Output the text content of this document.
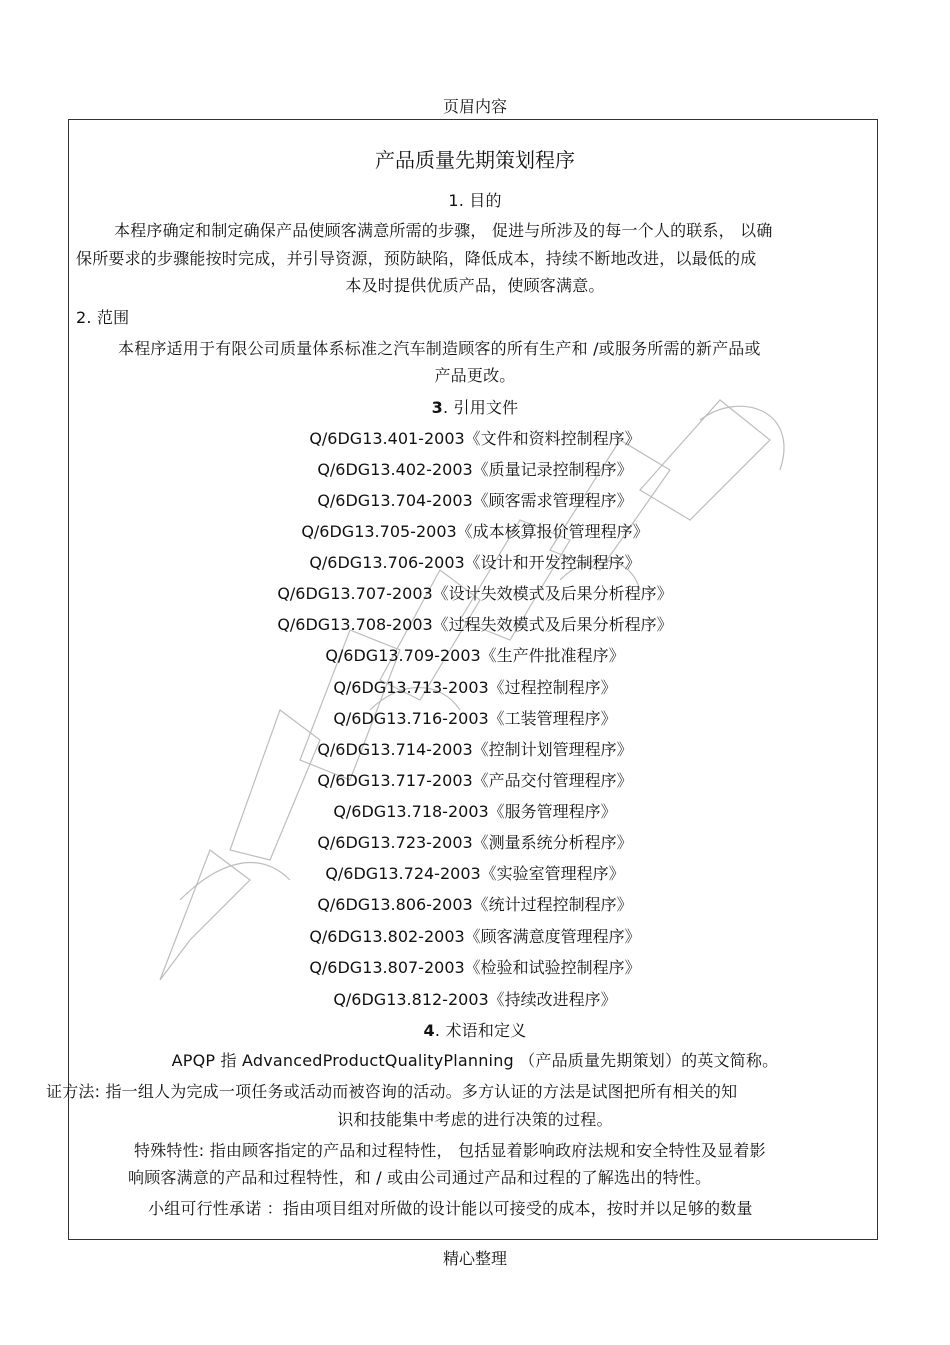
页眉内容
产品质量先期策划程序
1. 目的
本程序确定和制定确保产品使顾客满意所需的步骤， 促进与所涉及的每一个人的联系， 以确
保所要求的步骤能按时完成，并引导资源，预防缺陷，降低成本，持续不断地改进，以最低的成
本及时提供优质产品，使顾客满意。
2. 范围
本程序适用于有限公司质量体系标准之汽车制造顾客的所有生产和 /或服务所需的新产品或
产品更改。
3. 引用文件
Q/6DG13.401-2003《文件和资料控制程序》
Q/6DG13.402-2003《质量记录控制程序》
Q/6DG13.704-2003《顾客需求管理程序》
Q/6DG13.705-2003《成本核算报价管理程序》
Q/6DG13.706-2003《设计和开发控制程序》
Q/6DG13.707-2003《设计失效模式及后果分析程序》
Q/6DG13.708-2003《过程失效模式及后果分析程序》
Q/6DG13.709-2003《生产件批准程序》
Q/6DG13.713-2003《过程控制程序》
Q/6DG13.716-2003《工装管理程序》
Q/6DG13.714-2003《控制计划管理程序》
Q/6DG13.717-2003《产品交付管理程序》
Q/6DG13.718-2003《服务管理程序》
Q/6DG13.723-2003《测量系统分析程序》
Q/6DG13.724-2003《实验室管理程序》
Q/6DG13.806-2003《统计过程控制程序》
Q/6DG13.802-2003《顾客满意度管理程序》
Q/6DG13.807-2003《检验和试验控制程序》
Q/6DG13.812-2003《持续改进程序》
4. 术语和定义
APQP 指 AdvancedProductQualityPlanning （产品质量先期策划）的英文简称。
证方法: 指一组人为完成一项任务或活动而被咨询的活动。多方认证的方法是试图把所有相关的知
识和技能集中考虑的进行决策的过程。
特殊特性: 指由顾客指定的产品和过程特性， 包括显着影响政府法规和安全特性及显着影
响顾客满意的产品和过程特性，和 / 或由公司通过产品和过程的了解选出的特性。
小组可行性承诺 ：指由项目组对所做的设计能以可接受的成本，按时并以足够的数量
精心整理
